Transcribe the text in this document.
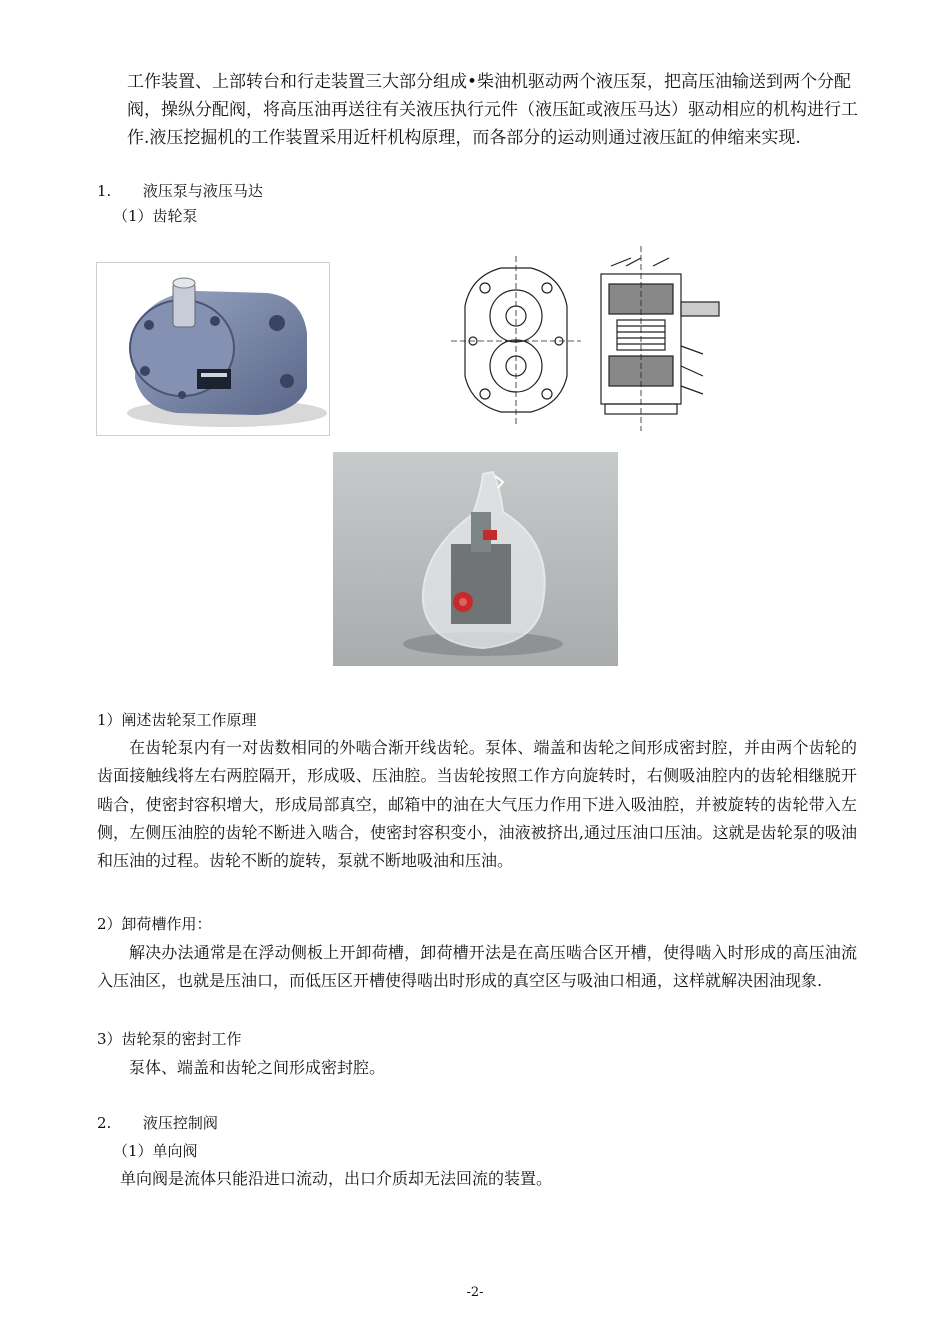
工作装置、上部转台和行走装置三大部分组成•柴油机驱动两个液压泵，把高压油输送到两个分配阀，操纵分配阀，将高压油再送往有关液压执行元件（液压缸或液压马达）驱动相应的机构进行工作.液压挖掘机的工作装置采用近杆机构原理，而各部分的运动则通过液压缸的伸缩来实现.
1. 液压泵与液压马达
（1）齿轮泵
1）阐述齿轮泵工作原理
在齿轮泵内有一对齿数相同的外啮合渐开线齿轮。泵体、端盖和齿轮之间形成密封腔，并由两个齿轮的齿面接触线将左右两腔隔开，形成吸、压油腔。当齿轮按照工作方向旋转时，右侧吸油腔内的齿轮相继脱开啮合，使密封容积增大，形成局部真空，邮箱中的油在大气压力作用下进入吸油腔，并被旋转的齿轮带入左侧，左侧压油腔的齿轮不断进入啮合，使密封容积变小，油液被挤出,通过压油口压油。这就是齿轮泵的吸油和压油的过程。齿轮不断的旋转，泵就不断地吸油和压油。
2）卸荷槽作用：
解决办法通常是在浮动侧板上开卸荷槽，卸荷槽开法是在高压啮合区开槽，使得啮入时形成的高压油流入压油区，也就是压油口，而低压区开槽使得啮出时形成的真空区与吸油口相通，这样就解决困油现象.
3）齿轮泵的密封工作
泵体、端盖和齿轮之间形成密封腔。
2. 液压控制阀
（1）单向阀
单向阀是流体只能沿进口流动，出口介质却无法回流的装置。
-2-
